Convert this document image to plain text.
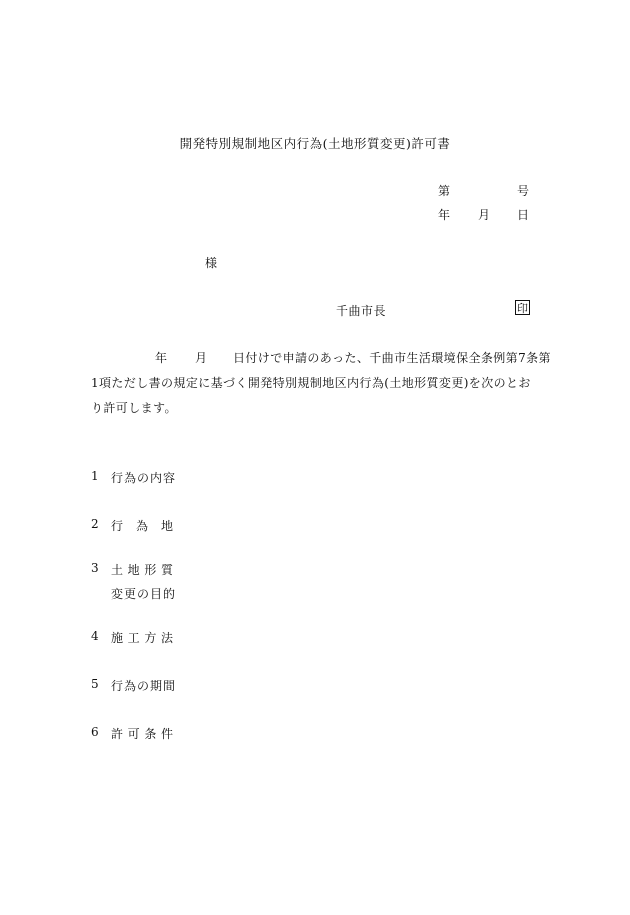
開発特別規制地区内行為(土地形質変更)許可書
第	号
年 月 日
様
千曲市長	印
年 月 日付けで申請のあった、千曲市生活環境保全条例第7条第
1項ただし書の規定に基づく開発特別規制地区内行為(土地形質変更)を次のとお
り許可します。
1 行為の内容
2 行 為 地
3 土 地 形 質
変更の目的
4 施 工 方 法
5 行為の期間
6 許 可 条 件
